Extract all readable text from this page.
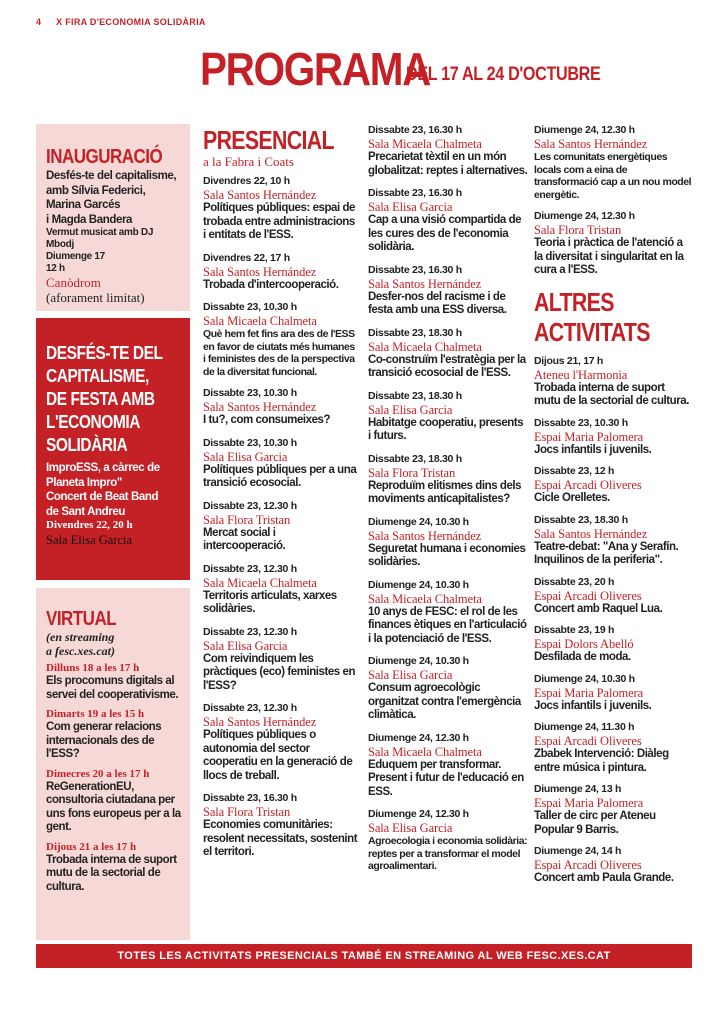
4 X FIRA D'ECONOMIA SOLIDÀRIA
PROGRAMA
DEL 17 AL 24 D'OCTUBRE
INAUGURACIÓ
Desfés-te del capitalisme,
amb Sílvia Federici,
Marina Garcés
i Magda Bandera
Vermut musicat amb DJ Mbodj
Diumenge 17
12 h
Canòdrom
(aforament limitat)
DESFÉS-TE DEL
CAPITALISME,
DE FESTA AMB
L'ECONOMIA
SOLIDÀRIA
ImproESS, a càrrec de
Planeta Impro"
Concert de Beat Band
de Sant Andreu
Divendres 22, 20 h
Sala Elisa Garcia
VIRTUAL
(en streaming
a fesc.xes.cat)
Dilluns 18 a les 17 h
Els procomuns digitals al servei del cooperativisme.
Dimarts 19 a les 15 h
Com generar relacions internacionals des de l'ESS?
Dimecres 20 a les 17 h
ReGenerationEU, consultoria ciutadana per uns fons europeus per a la gent.
Dijous 21 a les 17 h
Trobada interna de suport mutu de la sectorial de cultura.
PRESENCIAL
a la Fabra i Coats
Divendres 22, 10 h
Sala Santos Hernández
Polítiques públiques: espai de trobada entre administracions i entitats de l'ESS.
Divendres 22, 17 h
Sala Santos Hernández
Trobada d'intercooperació.
Dissabte 23, 10.30 h
Sala Micaela Chalmeta
Què hem fet fins ara des de l'ESS en favor de ciutats més humanes i feministes des de la perspectiva de la diversitat funcional.
Dissabte 23, 10.30 h
Sala Santos Hernández
I tu?, com consumeixes?
Dissabte 23, 10.30 h
Sala Elisa Garcia
Polítiques públiques per a una transició ecosocial.
Dissabte 23, 12.30 h
Sala Flora Tristan
Mercat social i intercooperació.
Dissabte 23, 12.30 h
Sala Micaela Chalmeta
Territoris articulats, xarxes solidàries.
Dissabte 23, 12.30 h
Sala Elisa Garcia
Com reivindiquem les pràctiques (eco) feministes en l'ESS?
Dissabte 23, 12.30 h
Sala Santos Hernández
Polítiques públiques o autonomia del sector cooperatiu en la generació de llocs de treball.
Dissabte 23, 16.30 h
Sala Flora Tristan
Economies comunitàries: resolent necessitats, sostenint el territori.
Dissabte 23, 16.30 h
Sala Micaela Chalmeta
Precarietat tèxtil en un món globalitzat: reptes i alternatives.
Dissabte 23, 16.30 h
Sala Elisa Garcia
Cap a una visió compartida de les cures des de l'economia solidària.
Dissabte 23, 16.30 h
Sala Santos Hernández
Desfer-nos del racisme i de festa amb una ESS diversa.
Dissabte 23, 18.30 h
Sala Micaela Chalmeta
Co-construïm l'estratègia per la transició ecosocial de l'ESS.
Dissabte 23, 18.30 h
Sala Elisa Garcia
Habitatge cooperatiu, presents i futurs.
Dissabte 23, 18.30 h
Sala Flora Tristan
Reproduïm elitismes dins dels moviments anticapitalistes?
Diumenge 24, 10.30 h
Sala Santos Hernández
Seguretat humana i economies solidàries.
Diumenge 24, 10.30 h
Sala Micaela Chalmeta
10 anys de FESC: el rol de les finances ètiques en l'articulació i la potenciació de l'ESS.
Diumenge 24, 10.30 h
Sala Elisa Garcia
Consum agroecològic organitzat contra l'emergència climàtica.
Diumenge 24, 12.30 h
Sala Micaela Chalmeta
Eduquem per transformar. Present i futur de l'educació en ESS.
Diumenge 24, 12.30 h
Sala Elisa Garcia
Agroecologia i economia solidària: reptes per a transformar el model agroalimentari.
Diumenge 24, 12.30 h
Sala Santos Hernández
Les comunitats energètiques locals com a eina de transformació cap a un nou model energètic.
Diumenge 24, 12.30 h
Sala Flora Tristan
Teoria i pràctica de l'atenció a la diversitat i singularitat en la cura a l'ESS.
ALTRES
ACTIVITATS
Dijous 21, 17 h
Ateneu l'Harmonia
Trobada interna de suport mutu de la sectorial de cultura.
Dissabte 23, 10.30 h
Espai Maria Palomera
Jocs infantils i juvenils.
Dissabte 23, 12 h
Espai Arcadi Oliveres
Cicle Orelletes.
Dissabte 23, 18.30 h
Sala Santos Hernández
Teatre-debat: "Ana y Serafín. Inquilinos de la periferia".
Dissabte 23, 20 h
Espai Arcadi Oliveres
Concert amb Raquel Lua.
Dissabte 23, 19 h
Espai Dolors Abelló
Desfilada de moda.
Diumenge 24, 10.30 h
Espai Maria Palomera
Jocs infantils i juvenils.
Diumenge 24, 11.30 h
Espai Arcadi Oliveres
Zbabek Intervenció: Diàleg entre música i pintura.
Diumenge 24, 13 h
Espai Maria Palomera
Taller de circ per Ateneu Popular 9 Barris.
Diumenge 24, 14 h
Espai Arcadi Oliveres
Concert amb Paula Grande.
TOTES LES ACTIVITATS PRESENCIALS TAMBÉ EN STREAMING AL WEB FESC.XES.CAT
